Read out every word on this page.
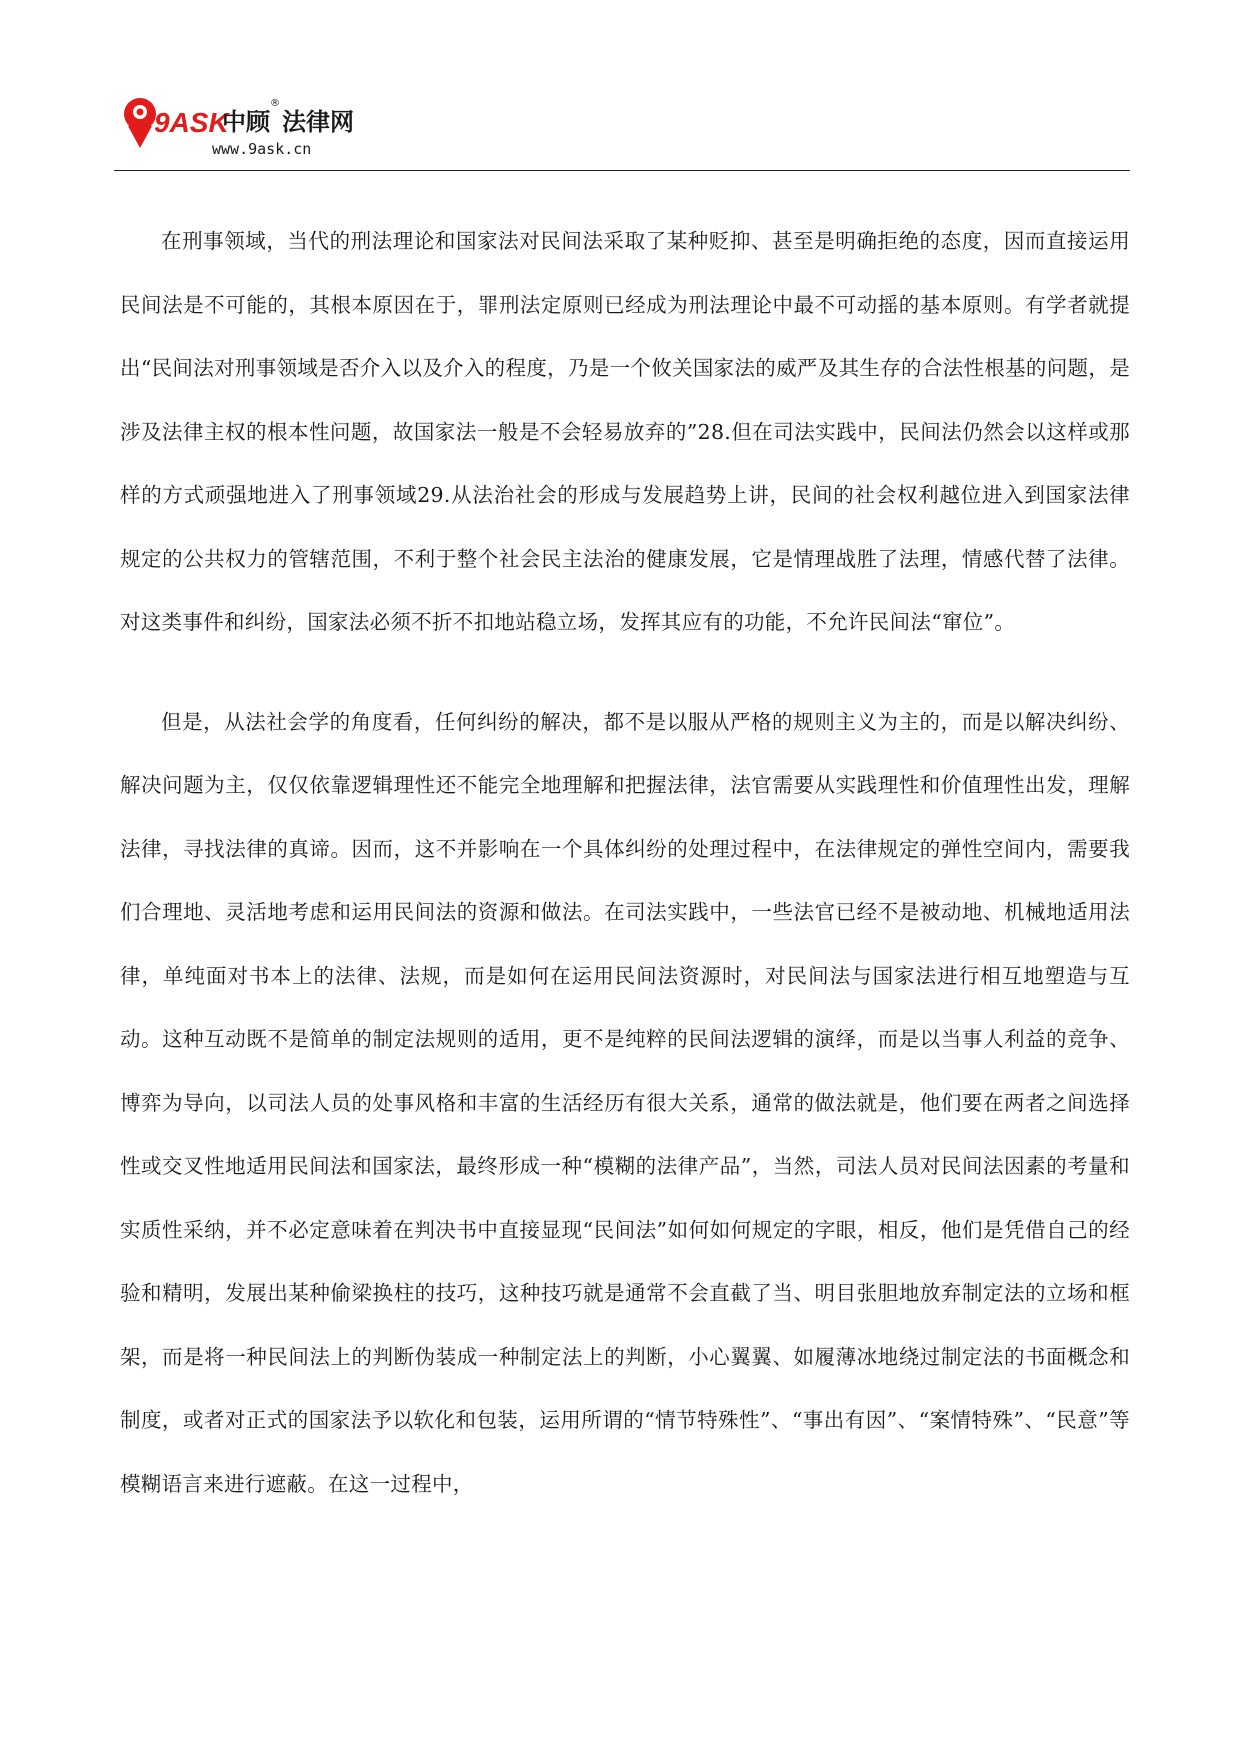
9ASK
中顾
®
法律网
www.9ask.cn

在刑事领域，当代的刑法理论和国家法对民间法采取了某种贬抑、甚至是明确拒绝的态度，因而直接运用民间法是不可能的，其根本原因在于，罪刑法定原则已经成为刑法理论中最不可动摇的基本原则。有学者就提出“民间法对刑事领域是否介入以及介入的程度，乃是一个攸关国家法的威严及其生存的合法性根基的问题，是涉及法律主权的根本性问题，故国家法一般是不会轻易放弃的”28.但在司法实践中，民间法仍然会以这样或那样的方式顽强地进入了刑事领域29.从法治社会的形成与发展趋势上讲，民间的社会权利越位进入到国家法律规定的公共权力的管辖范围，不利于整个社会民主法治的健康发展，它是情理战胜了法理，情感代替了法律。对这类事件和纠纷，国家法必须不折不扣地站稳立场，发挥其应有的功能，不允许民间法“窜位”。

但是，从法社会学的角度看，任何纠纷的解决，都不是以服从严格的规则主义为主的，而是以解决纠纷、解决问题为主，仅仅依靠逻辑理性还不能完全地理解和把握法律，法官需要从实践理性和价值理性出发，理解法律，寻找法律的真谛。因而，这不并影响在一个具体纠纷的处理过程中，在法律规定的弹性空间内，需要我们合理地、灵活地考虑和运用民间法的资源和做法。在司法实践中，一些法官已经不是被动地、机械地适用法律，单纯面对书本上的法律、法规，而是如何在运用民间法资源时，对民间法与国家法进行相互地塑造与互动。这种互动既不是简单的制定法规则的适用，更不是纯粹的民间法逻辑的演绎，而是以当事人利益的竞争、博弈为导向，以司法人员的处事风格和丰富的生活经历有很大关系，通常的做法就是，他们要在两者之间选择性或交叉性地适用民间法和国家法，最终形成一种“模糊的法律产品”，当然，司法人员对民间法因素的考量和实质性采纳，并不必定意味着在判决书中直接显现“民间法”如何如何规定的字眼，相反，他们是凭借自己的经验和精明，发展出某种偷梁换柱的技巧，这种技巧就是通常不会直截了当、明目张胆地放弃制定法的立场和框架，而是将一种民间法上的判断伪装成一种制定法上的判断，小心翼翼、如履薄冰地绕过制定法的书面概念和制度，或者对正式的国家法予以软化和包装，运用所谓的“情节特殊性”、“事出有因”、“案情特殊”、“民意”等模糊语言来进行遮蔽。在这一过程中，
